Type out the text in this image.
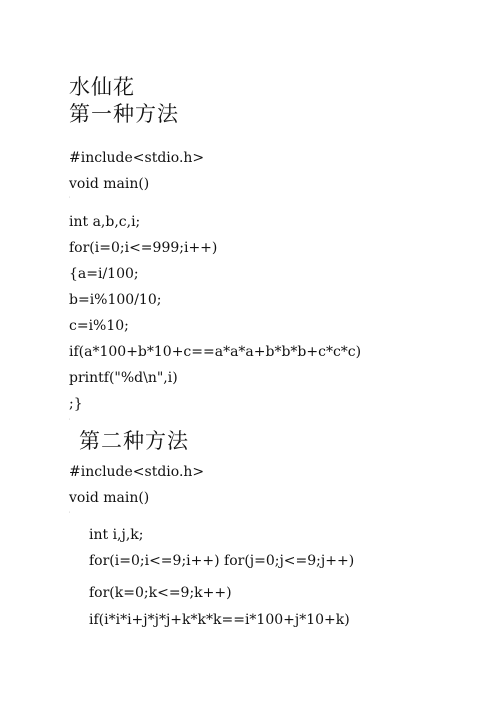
水仙花
第一种方法
#include<stdio.h>
void main()
'
int a,b,c,i;
for(i=0;i<=999;i++)
{a=i/100;
b=i%100/10;
c=i%10;
if(a*100+b*10+c==a*a*a+b*b*b+c*c*c)
printf("%d\n",i)
;}
'
第二种方法
#include<stdio.h>
void main()
'
int i,j,k;
for(i=0;i<=9;i++) for(j=0;j<=9;j++)
for(k=0;k<=9;k++)
if(i*i*i+j*j*j+k*k*k==i*100+j*10+k)
